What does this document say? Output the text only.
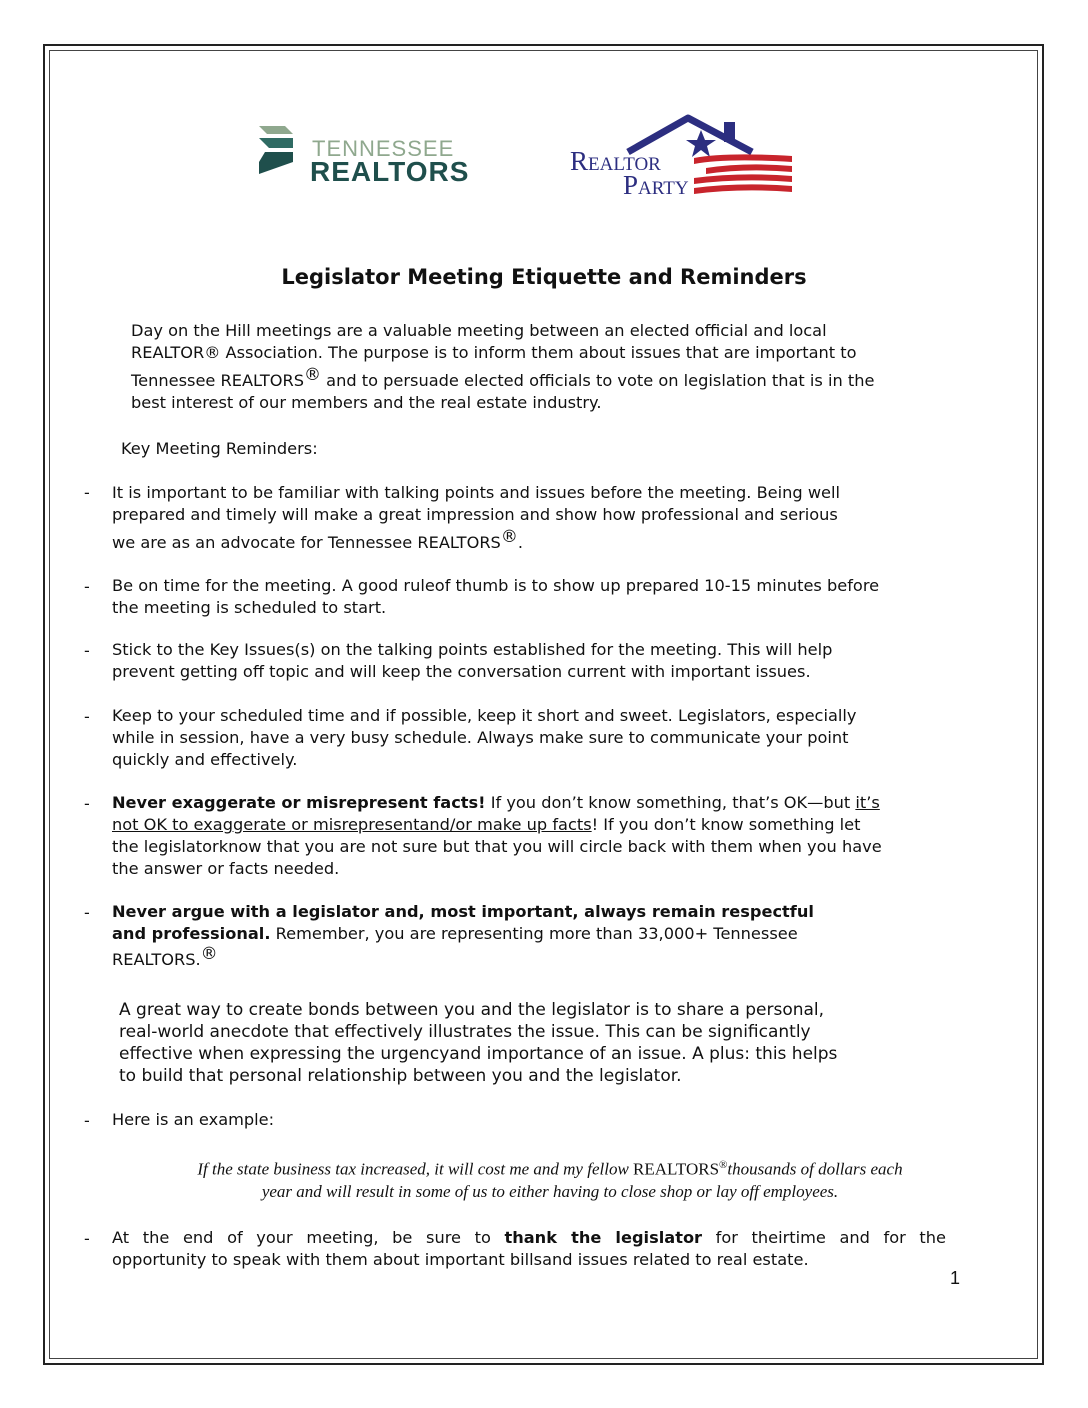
TENNESSEE
REALTORS	Realtor
Party
Legislator Meeting Etiquette and Reminders
Day on the Hill meetings are a valuable meeting between an elected official and local
REALTOR® Association. The purpose is to inform them about issues that are important to
Tennessee REALTORS® and to persuade elected officials to vote on legislation that is in the
best interest of our members and the real estate industry.
Key Meeting Reminders:
- It is important to be familiar with talking points and issues before the meeting. Being well
prepared and timely will make a great impression and show how professional and serious
we are as an advocate for Tennessee REALTORS®.
- Be on time for the meeting. A good ruleof thumb is to show up prepared 10-15 minutes before
the meeting is scheduled to start.
- Stick to the Key Issues(s) on the talking points established for the meeting. This will help
prevent getting off topic and will keep the conversation current with important issues.
- Keep to your scheduled time and if possible, keep it short and sweet. Legislators, especially
while in session, have a very busy schedule. Always make sure to communicate your point
quickly and effectively.
- Never exaggerate or misrepresent facts! If you don’t know something, that’s OK—but it’s
not OK to exaggerate or misrepresentand/or make up facts! If you don’t know something let
the legislatorknow that you are not sure but that you will circle back with them when you have
the answer or facts needed.
- Never argue with a legislator and, most important, always remain respectful
and professional. Remember, you are representing more than 33,000+ Tennessee
REALTORS.®
A great way to create bonds between you and the legislator is to share a personal,
real-world anecdote that effectively illustrates the issue. This can be significantly
effective when expressing the urgencyand importance of an issue. A plus: this helps
to build that personal relationship between you and the legislator.
- Here is an example:
If the state business tax increased, it will cost me and my fellow REALTORS®thousands of dollars each
year and will result in some of us to either having to close shop or lay off employees.
- At the end of your meeting, be sure to thank the legislator for theirtime and for the
opportunity to speak with them about important billsand issues related to real estate.
1
